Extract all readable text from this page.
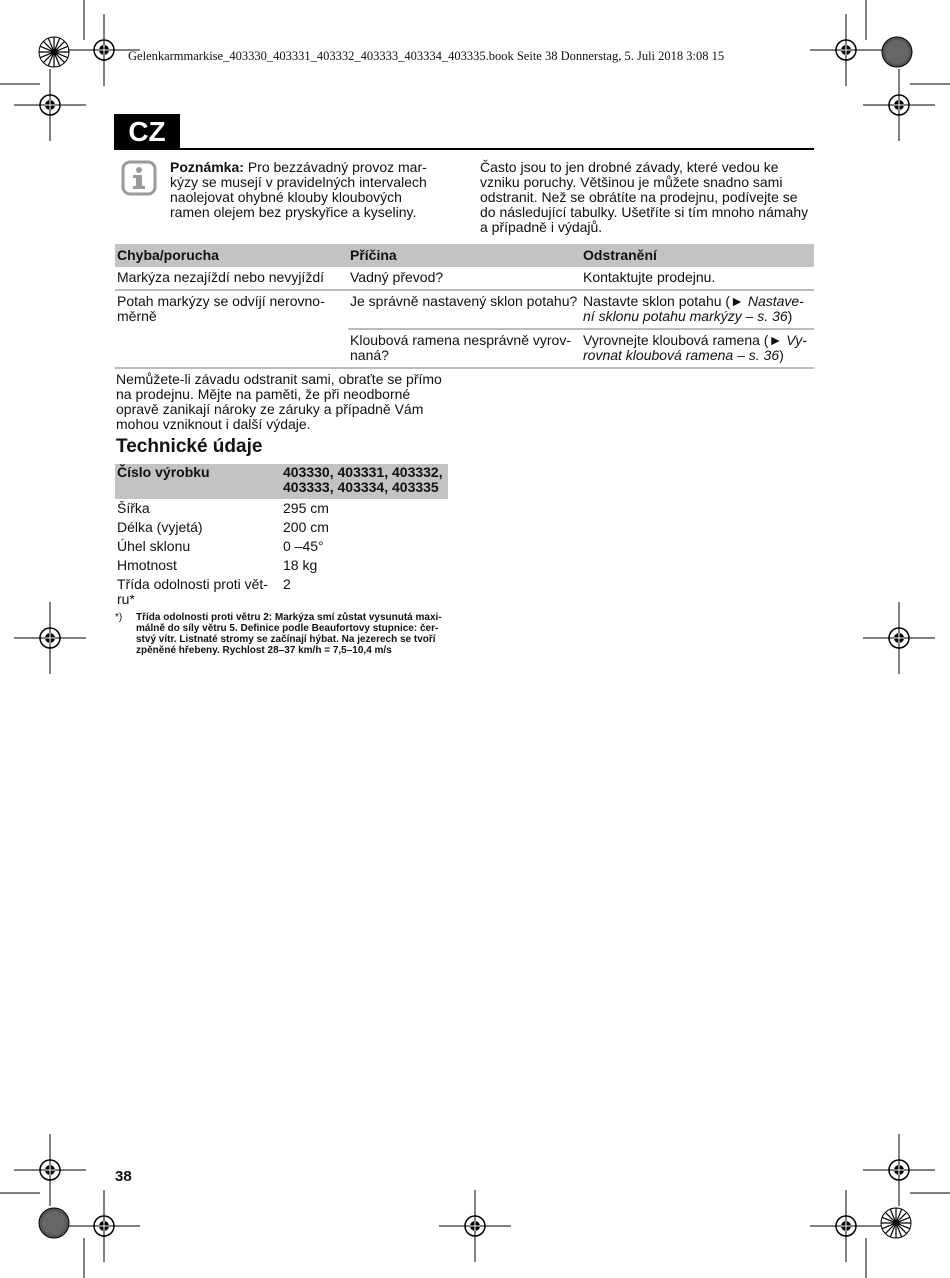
Gelenkarmmarkise_403330_403331_403332_403333_403334_403335.book Seite 38 Donnerstag, 5. Juli 2018 3:08 15
CZ
Poznámka: Pro bezzávadný provoz mar-
kýzy se musejí v pravidelných intervalech
naolejovat ohybné klouby kloubových
ramen olejem bez pryskyřice a kyseliny.
Často jsou to jen drobné závady, které vedou ke
vzniku poruchy. Většinou je můžete snadno sami
odstranit. Než se obrátíte na prodejnu, podívejte se
do následující tabulky. Ušetříte si tím mnoho námahy
a případně i výdajů.
Chyba/porucha	Příčina	Odstranění
Markýza nezajíždí nebo nevyjíždí	Vadný převod?	Kontaktujte prodejnu.
Potah markýzy se odvíjí nerovno-
měrně	Je správně nastavený sklon potahu?	Nastavte sklon potahu (► Nastave-
ní sklonu potahu markýzy – s. 36)
	Kloubová ramena nesprávně vyrov-
naná?	Vyrovnejte kloubová ramena (► Vy-
rovnat kloubová ramena – s. 36)
Nemůžete-li závadu odstranit sami, obraťte se přímo
na prodejnu. Mějte na paměti, že při neodborné
opravě zanikají nároky ze záruky a případně Vám
mohou vzniknout i další výdaje.
Technické údaje
Číslo výrobku	403330, 403331, 403332,
403333, 403334, 403335
Šířka	295 cm
Délka (vyjetá)	200 cm
Úhel sklonu	0 –45°
Hmotnost	18 kg
Třída odolnosti proti vět-
ru*	2
*) Třída odolnosti proti větru 2: Markýza smí zůstat vysunutá maxi-
málně do síly větru 5. Definice podle Beaufortovy stupnice: čer-
stvý vítr. Listnaté stromy se začínají hýbat. Na jezerech se tvoří
zpěněné hřebeny. Rychlost 28–37 km/h = 7,5–10,4 m/s
38
